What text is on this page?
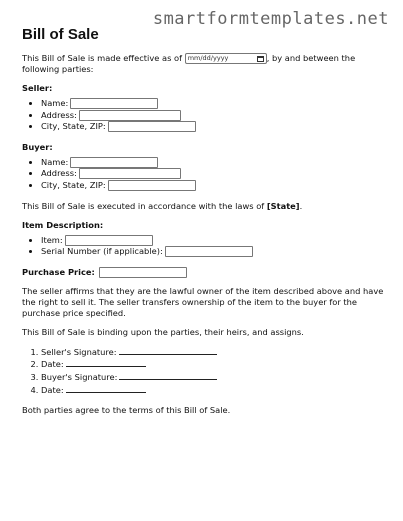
smartformtemplates.net
Bill of Sale

This Bill of Sale is made effective as of mm/dd/yyyy	, by and between the following parties:

Seller:
• Name:
• Address:
• City, State, ZIP:
Buyer:
• Name:
• Address:
• City, State, ZIP:

This Bill of Sale is executed in accordance with the laws of [State].

Item Description:
• Item:
• Serial Number (if applicable):

Purchase Price:

The seller affirms that they are the lawful owner of the item described above and have the right to sell it. The seller transfers ownership of the item to the buyer for the purchase price specified.

This Bill of Sale is binding upon the parties, their heirs, and assigns.

1. Seller's Signature:
2. Date:
3. Buyer's Signature:
4. Date:

Both parties agree to the terms of this Bill of Sale.
